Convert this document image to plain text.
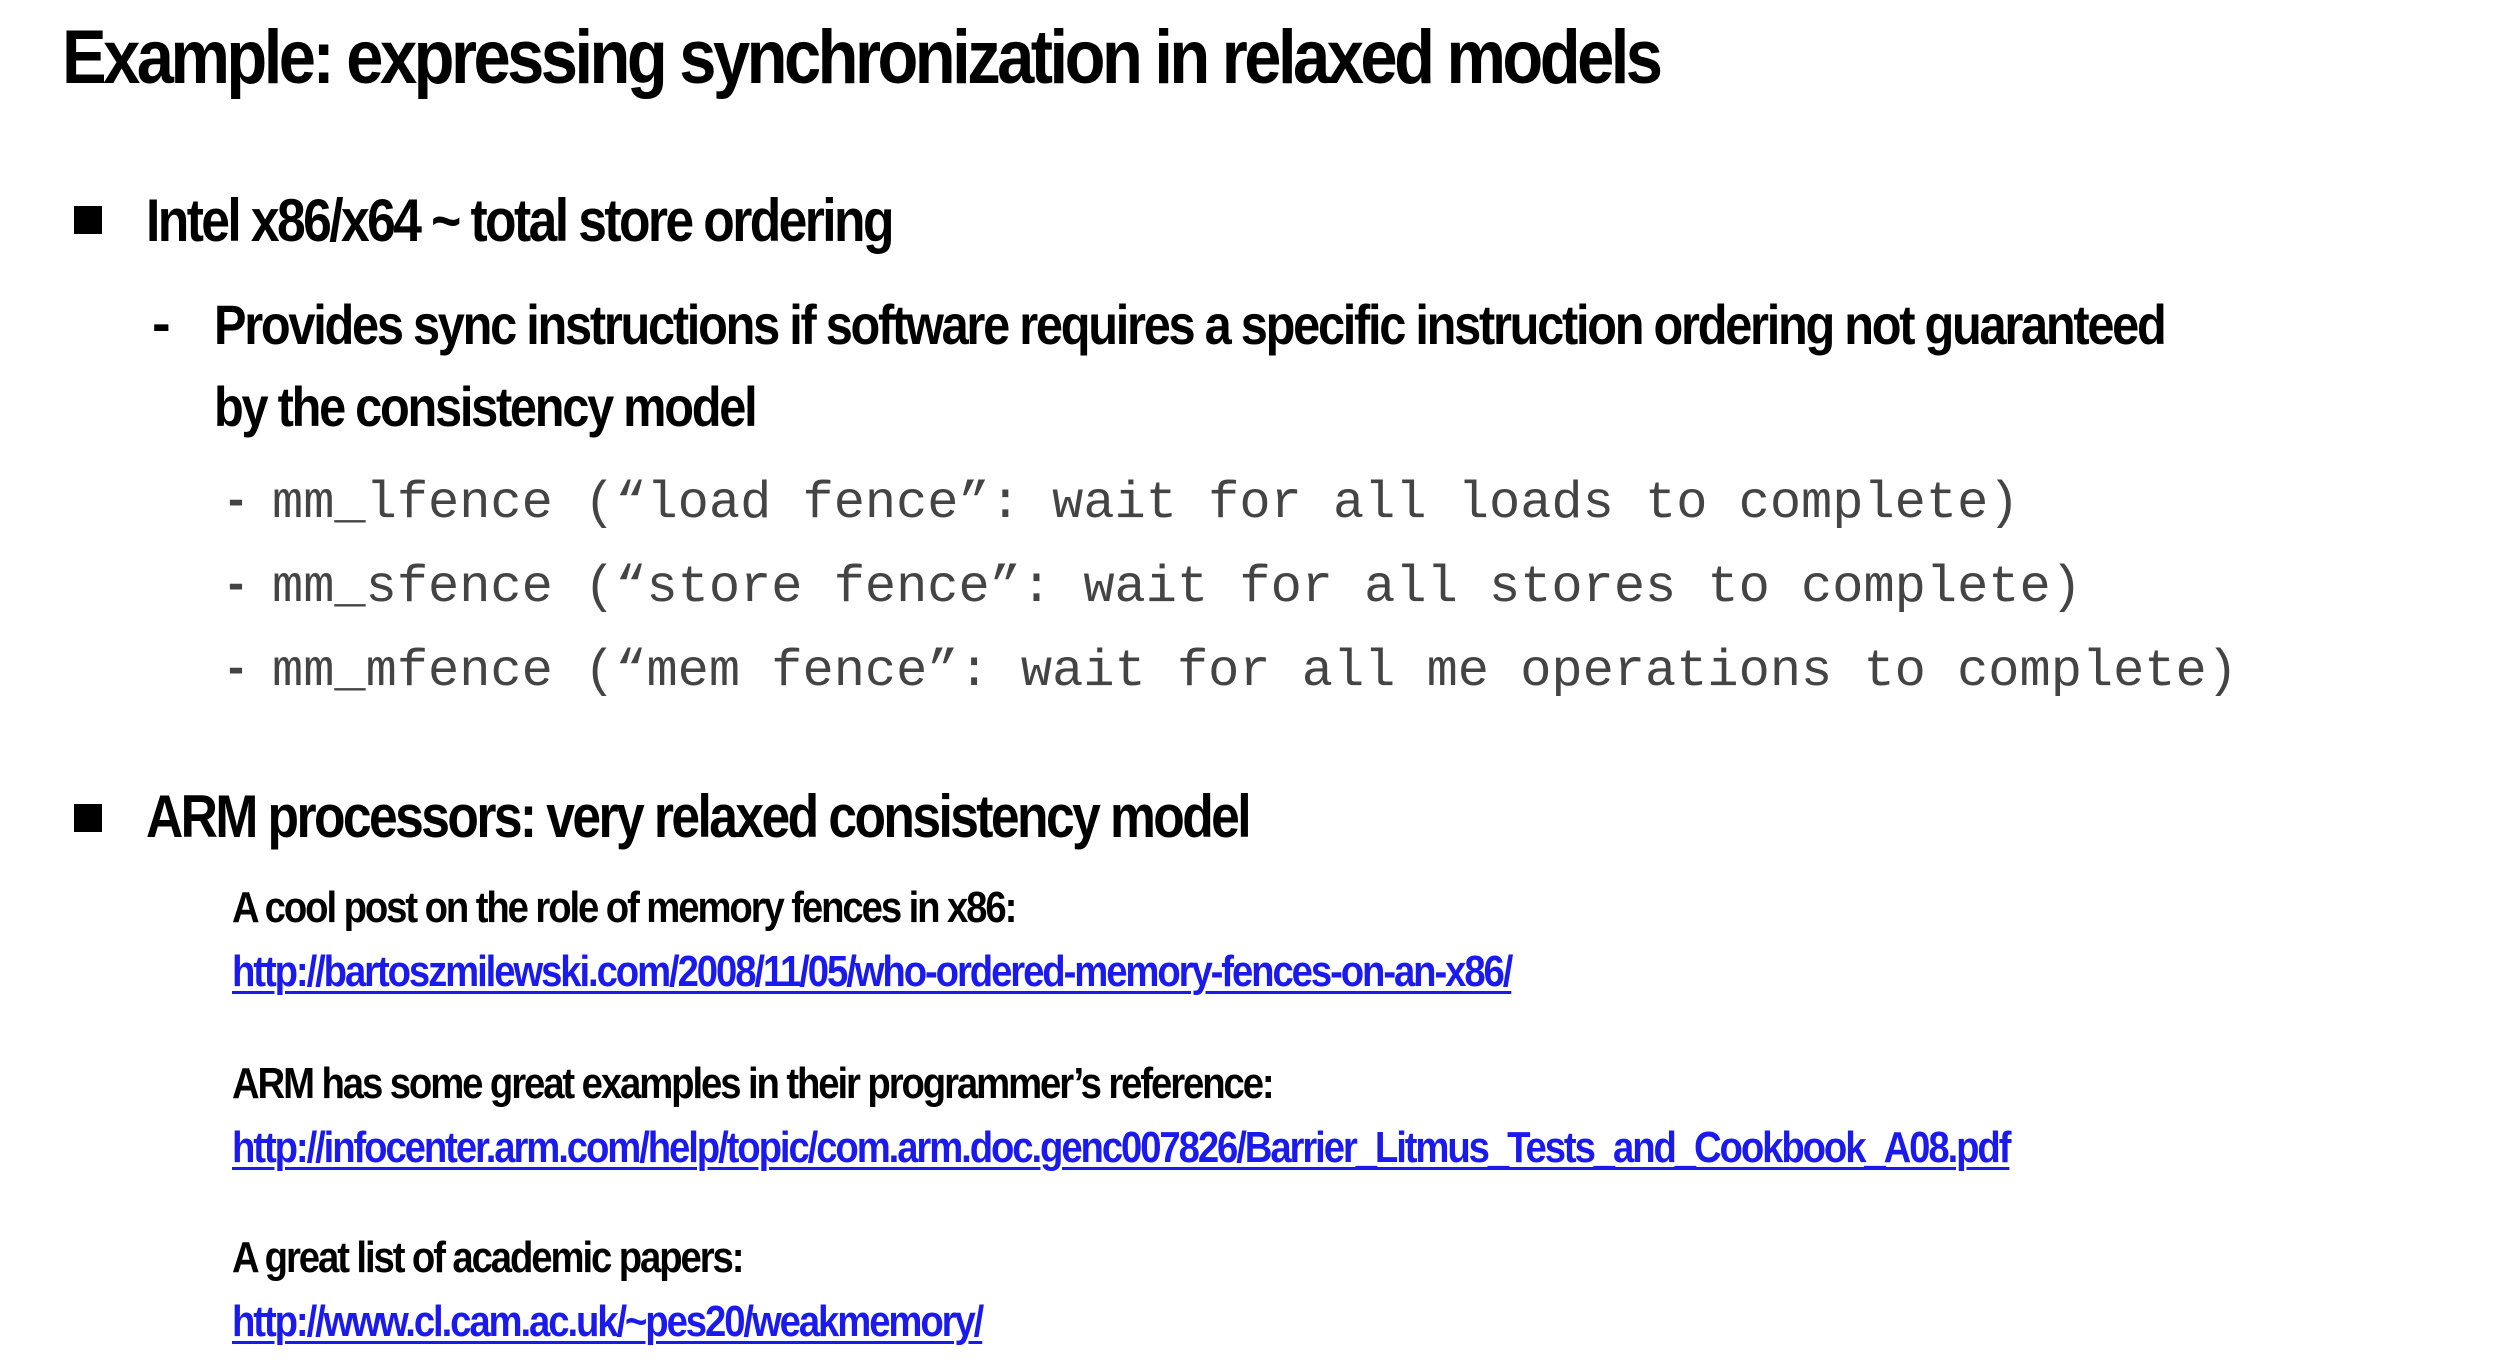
Example: expressing synchronization in relaxed models
Intel x86/x64 ~ total store ordering
- Provides sync instructions if software requires a specific instruction ordering not guaranteed
by the consistency model
- mm_lfence (“load fence”: wait for all loads to complete)
- mm_sfence (“store fence”: wait for all stores to complete)
- mm_mfence (“mem fence”: wait for all me operations to complete)
ARM processors: very relaxed consistency model
A cool post on the role of memory fences in x86:
http://bartoszmilewski.com/2008/11/05/who-ordered-memory-fences-on-an-x86/
ARM has some great examples in their programmer’s reference:
http://infocenter.arm.com/help/topic/com.arm.doc.genc007826/Barrier_Litmus_Tests_and_Cookbook_A08.pdf
A great list of academic papers:
http://www.cl.cam.ac.uk/~pes20/weakmemory/
